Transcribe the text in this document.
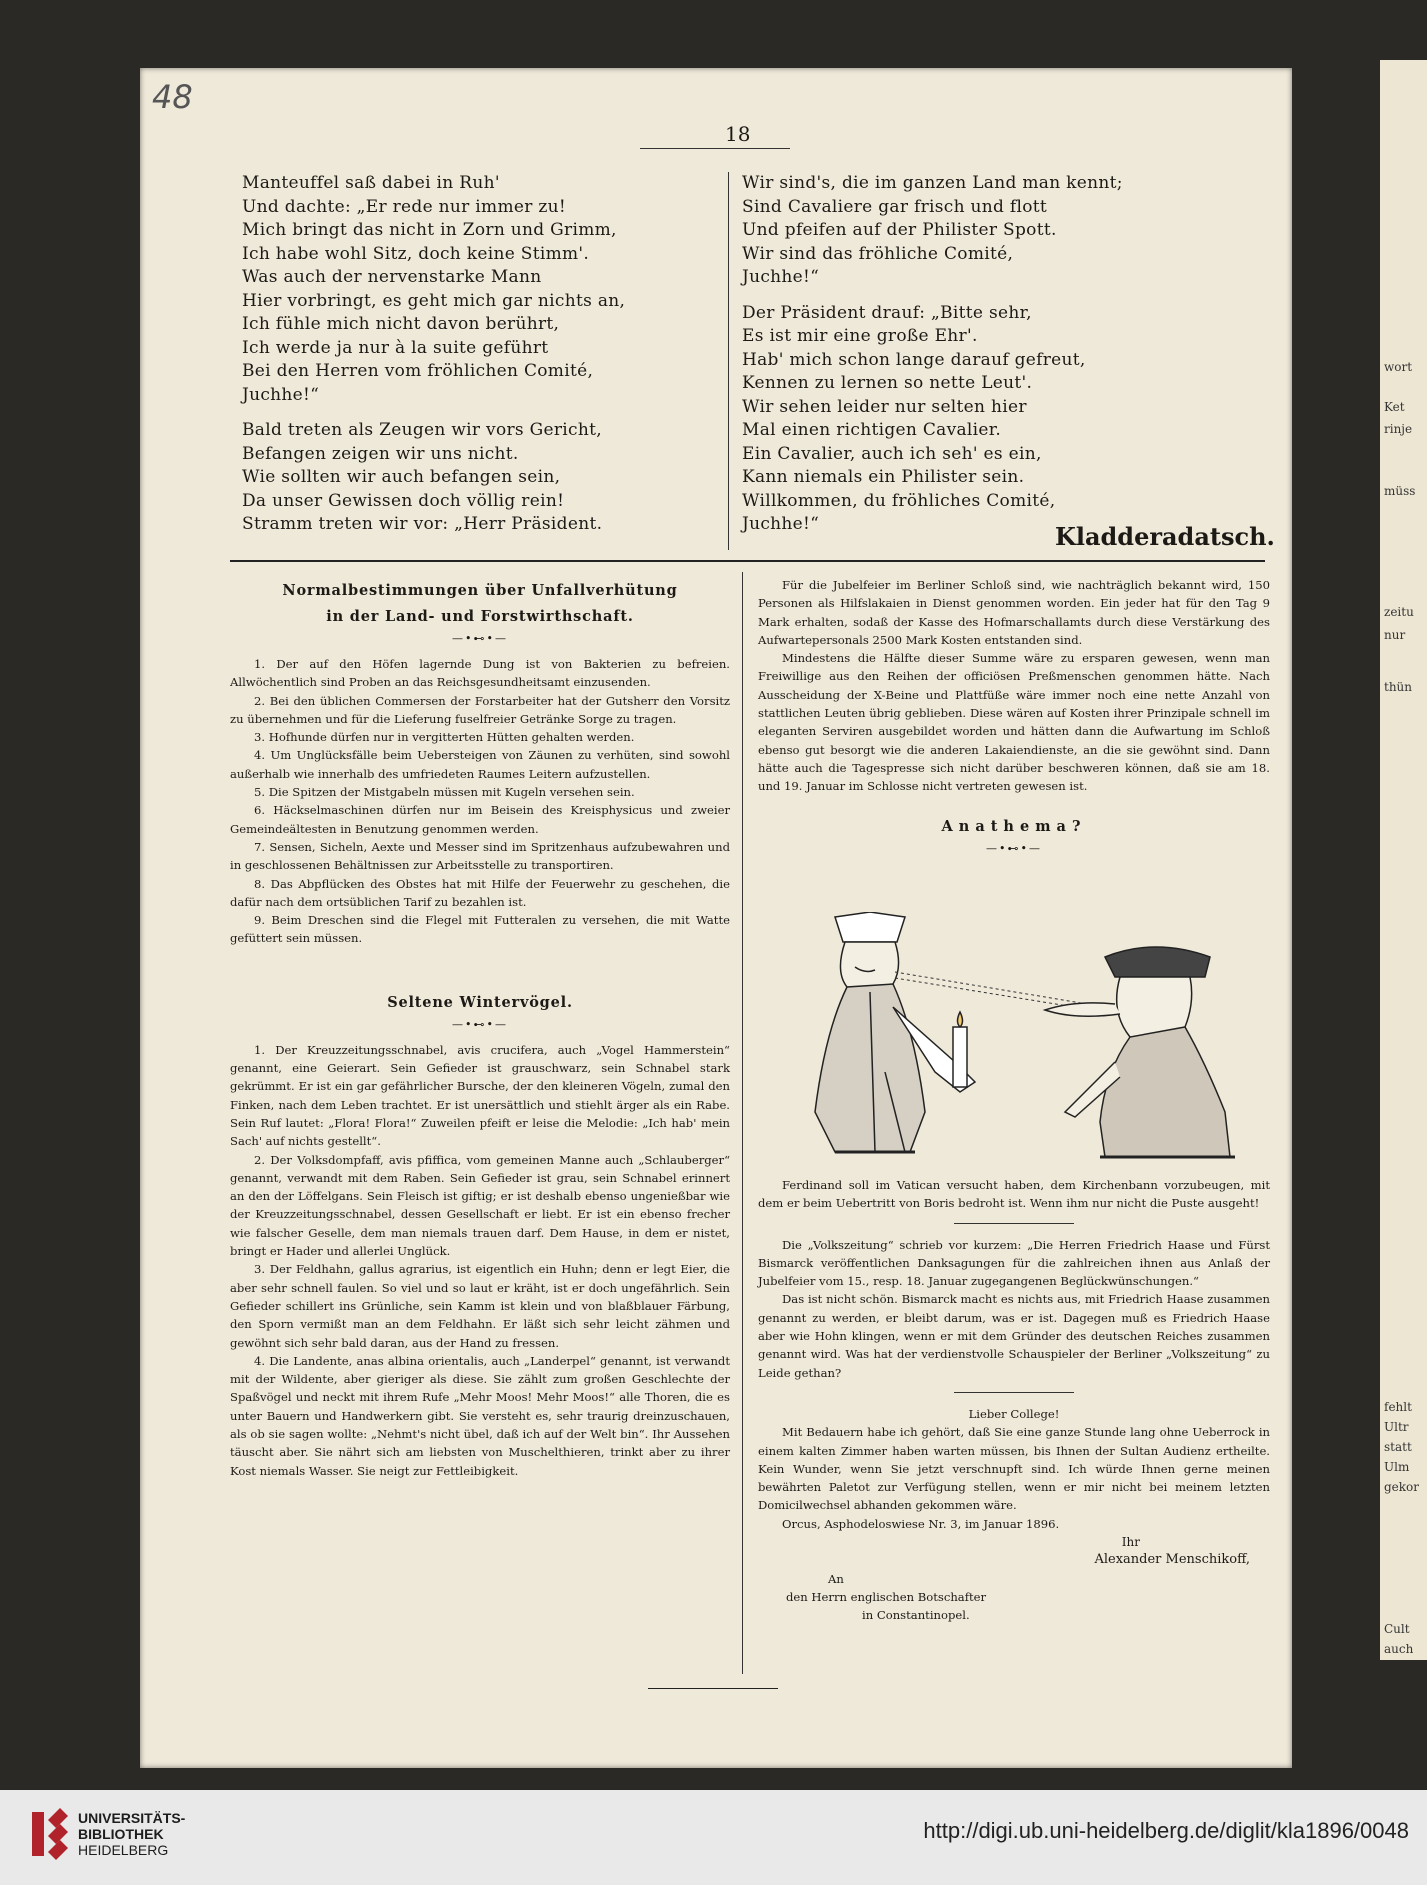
wort
Ket
rinje
müss
zeitu
nur
thün
fehlt
Ultr
statt
Ulm
gekor
Cult
auch
48
18
Manteuffel saß dabei in Ruh'
Und dachte: „Er rede nur immer zu!
Mich bringt das nicht in Zorn und Grimm,
Ich habe wohl Sitz, doch keine Stimm'.
Was auch der nervenstarke Mann
Hier vorbringt, es geht mich gar nichts an,
Ich fühle mich nicht davon berührt,
Ich werde ja nur à la suite geführt
Bei den Herren vom fröhlichen Comité,
Juchhe!“
Bald treten als Zeugen wir vors Gericht,
Befangen zeigen wir uns nicht.
Wie sollten wir auch befangen sein,
Da unser Gewissen doch völlig rein!
Stramm treten wir vor: „Herr Präsident.
Wir sind's, die im ganzen Land man kennt;
Sind Cavaliere gar frisch und flott
Und pfeifen auf der Philister Spott.
Wir sind das fröhliche Comité,
Juchhe!“
Der Präsident drauf: „Bitte sehr,
Es ist mir eine große Ehr'.
Hab' mich schon lange darauf gefreut,
Kennen zu lernen so nette Leut'.
Wir sehen leider nur selten hier
Mal einen richtigen Cavalier.
Ein Cavalier, auch ich seh' es ein,
Kann niemals ein Philister sein.
Willkommen, du fröhliches Comité,
Juchhe!“	Kladderadatsch.
Normalbestimmungen über Unfallverhütung
in der Land- und Forstwirthschaft.
—•⊷•—

1. Der auf den Höfen lagernde Dung ist von Bakterien zu befreien. Allwöchentlich sind Proben an das Reichsgesundheitsamt einzusenden.

2. Bei den üblichen Commersen der Forstarbeiter hat der Gutsherr den Vorsitz zu übernehmen und für die Lieferung fuselfreier Getränke Sorge zu tragen.

3. Hofhunde dürfen nur in vergitterten Hütten gehalten werden.

4. Um Unglücksfälle beim Uebersteigen von Zäunen zu verhüten, sind sowohl außerhalb wie innerhalb des umfriedeten Raumes Leitern aufzustellen.

5. Die Spitzen der Mistgabeln müssen mit Kugeln versehen sein.

6. Häckselmaschinen dürfen nur im Beisein des Kreisphysicus und zweier Gemeindeältesten in Benutzung genommen werden.

7. Sensen, Sicheln, Aexte und Messer sind im Spritzenhaus aufzubewahren und in geschlossenen Behältnissen zur Arbeitsstelle zu transportiren.

8. Das Abpflücken des Obstes hat mit Hilfe der Feuerwehr zu geschehen, die dafür nach dem ortsüblichen Tarif zu bezahlen ist.

9. Beim Dreschen sind die Flegel mit Futteralen zu versehen, die mit Watte gefüttert sein müssen.

Seltene Wintervögel.
—•⊷•—

1. Der Kreuzzeitungsschnabel, avis crucifera, auch „Vogel Hammerstein“ genannt, eine Geierart. Sein Gefieder ist grauschwarz, sein Schnabel stark gekrümmt. Er ist ein gar gefährlicher Bursche, der den kleineren Vögeln, zumal den Finken, nach dem Leben trachtet. Er ist unersättlich und stiehlt ärger als ein Rabe. Sein Ruf lautet: „Flora! Flora!“ Zuweilen pfeift er leise die Melodie: „Ich hab' mein Sach' auf nichts gestellt“.

2. Der Volksdompfaff, avis pfiffica, vom gemeinen Manne auch „Schlauberger“ genannt, verwandt mit dem Raben. Sein Gefieder ist grau, sein Schnabel erinnert an den der Löffelgans. Sein Fleisch ist giftig; er ist deshalb ebenso ungenießbar wie der Kreuzzeitungsschnabel, dessen Gesellschaft er liebt. Er ist ein ebenso frecher wie falscher Geselle, dem man niemals trauen darf. Dem Hause, in dem er nistet, bringt er Hader und allerlei Unglück.

3. Der Feldhahn, gallus agrarius, ist eigentlich ein Huhn; denn er legt Eier, die aber sehr schnell faulen. So viel und so laut er kräht, ist er doch ungefährlich. Sein Gefieder schillert ins Grünliche, sein Kamm ist klein und von blaßblauer Färbung, den Sporn vermißt man an dem Feldhahn. Er läßt sich sehr leicht zähmen und gewöhnt sich sehr bald daran, aus der Hand zu fressen.

4. Die Landente, anas albina orientalis, auch „Landerpel“ genannt, ist verwandt mit der Wildente, aber gieriger als diese. Sie zählt zum großen Geschlechte der Spaßvögel und neckt mit ihrem Rufe „Mehr Moos! Mehr Moos!“ alle Thoren, die es unter Bauern und Handwerkern gibt. Sie versteht es, sehr traurig dreinzuschauen, als ob sie sagen wollte: „Nehmt's nicht übel, daß ich auf der Welt bin“. Ihr Aussehen täuscht aber. Sie nährt sich am liebsten von Muschelthieren, trinkt aber zu ihrer Kost niemals Wasser. Sie neigt zur Fettleibigkeit.

Für die Jubelfeier im Berliner Schloß sind, wie nachträglich bekannt wird, 150 Personen als Hilfslakaien in Dienst genommen worden. Ein jeder hat für den Tag 9 Mark erhalten, sodaß der Kasse des Hofmarschallamts durch diese Verstärkung des Aufwartepersonals 2500 Mark Kosten entstanden sind.

Mindestens die Hälfte dieser Summe wäre zu ersparen gewesen, wenn man Freiwillige aus den Reihen der officiösen Preßmenschen genommen hätte. Nach Ausscheidung der X-Beine und Plattfüße wäre immer noch eine nette Anzahl von stattlichen Leuten übrig geblieben. Diese wären auf Kosten ihrer Prinzipale schnell im eleganten Serviren ausgebildet worden und hätten dann die Aufwartung im Schloß ebenso gut besorgt wie die anderen Lakaiendienste, an die sie gewöhnt sind. Dann hätte auch die Tagespresse sich nicht darüber beschweren können, daß sie am 18. und 19. Januar im Schlosse nicht vertreten gewesen ist.

Anathema?
—•⊷•—

Ferdinand soll im Vatican versucht haben, dem Kirchenbann vorzubeugen, mit dem er beim Uebertritt von Boris bedroht ist. Wenn ihm nur nicht die Puste ausgeht!

Die „Volkszeitung“ schrieb vor kurzem: „Die Herren Friedrich Haase und Fürst Bismarck veröffentlichen Danksagungen für die zahlreichen ihnen aus Anlaß der Jubelfeier vom 15., resp. 18. Januar zugegangenen Beglückwünschungen.“

Das ist nicht schön. Bismarck macht es nichts aus, mit Friedrich Haase zusammen genannt zu werden, er bleibt darum, was er ist. Dagegen muß es Friedrich Haase aber wie Hohn klingen, wenn er mit dem Gründer des deutschen Reiches zusammen genannt wird. Was hat der verdienstvolle Schauspieler der Berliner „Volkszeitung“ zu Leide gethan?

Lieber College!

Mit Bedauern habe ich gehört, daß Sie eine ganze Stunde lang ohne Ueberrock in einem kalten Zimmer haben warten müssen, bis Ihnen der Sultan Audienz ertheilte. Kein Wunder, wenn Sie jetzt verschnupft sind. Ich würde Ihnen gerne meinen bewährten Paletot zur Verfügung stellen, wenn er mir nicht bei meinem letzten Domicilwechsel abhanden gekommen wäre.

Orcus, Asphodeloswiese Nr. 3, im Januar 1896.
Ihr
Alexander Menschikoff,
An
den Herrn englischen Botschafter
in Constantinopel.
UNIVERSITÄTS-
BIBLIOTHEK
HEIDELBERG
http://digi.ub.uni-heidelberg.de/diglit/kla1896/0048
